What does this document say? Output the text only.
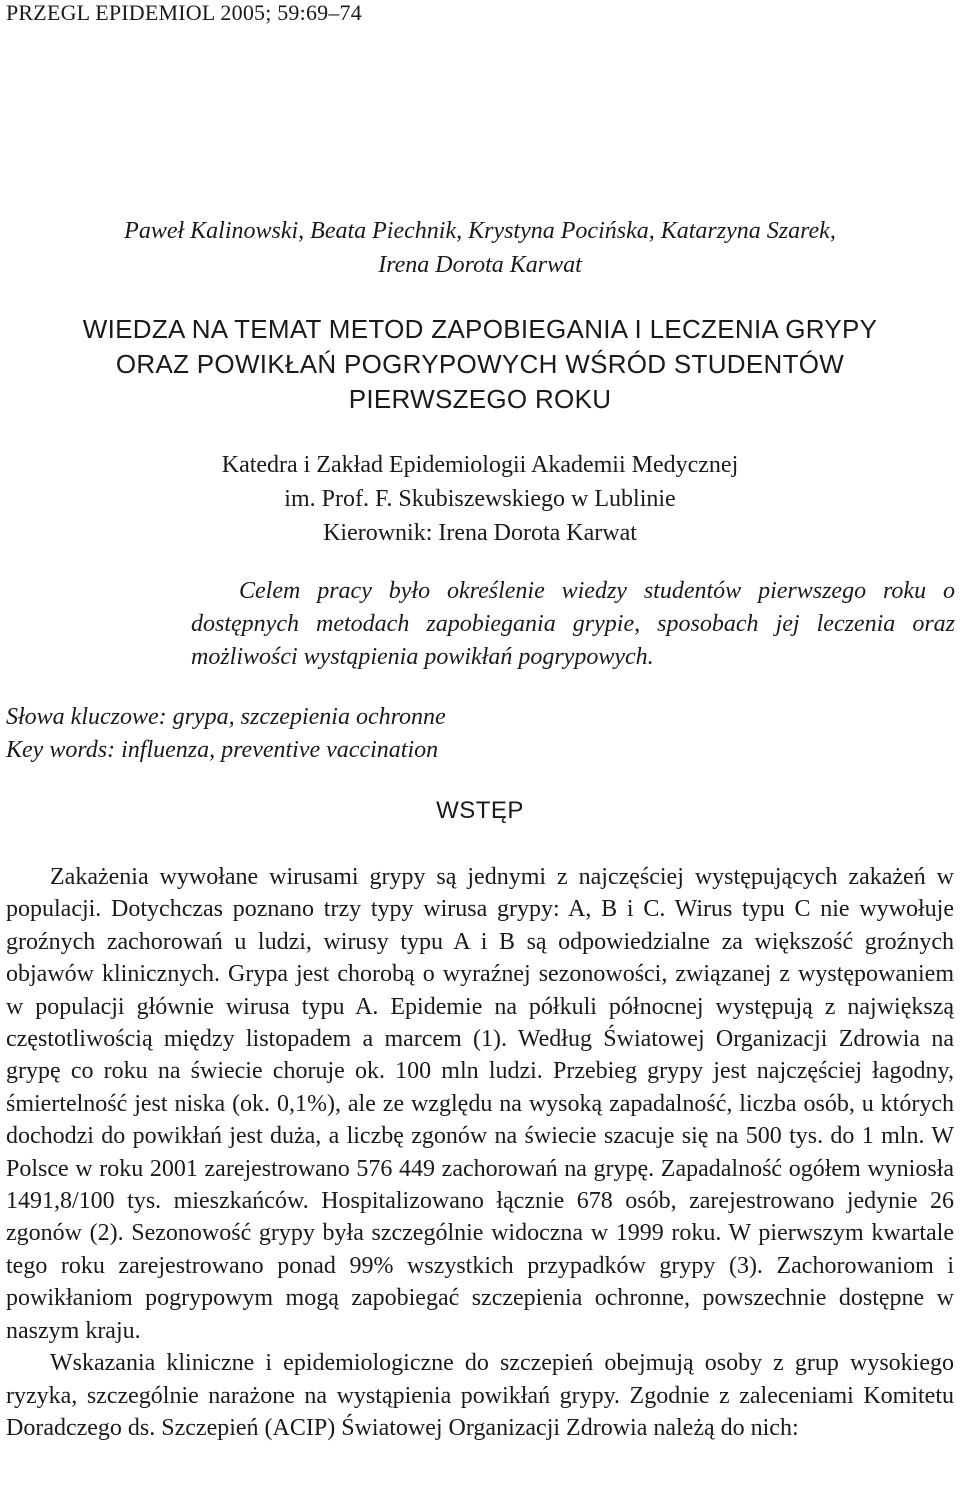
PRZEGL EPIDEMIOL 2005; 59:69–74
Paweł Kalinowski, Beata Piechnik, Krystyna Pocińska, Katarzyna Szarek,
Irena Dorota Karwat
WIEDZA NA TEMAT METOD ZAPOBIEGANIA I LECZENIA GRYPY
ORAZ POWIKŁAŃ POGRYPOWYCH WŚRÓD STUDENTÓW
PIERWSZEGO ROKU
Katedra i Zakład Epidemiologii Akademii Medycznej
im. Prof. F. Skubiszewskiego w Lublinie
Kierownik: Irena Dorota Karwat
Celem pracy było określenie wiedzy studentów pierwszego roku o dostępnych metodach zapobiegania grypie, sposobach jej leczenia oraz możliwości wystąpienia powikłań pogrypowych.
Słowa kluczowe: grypa, szczepienia ochronne
Key words: influenza, preventive vaccination
WSTĘP

Zakażenia wywołane wirusami grypy są jednymi z najczęściej występujących zakażeń w populacji. Dotychczas poznano trzy typy wirusa grypy: A, B i C. Wirus typu C nie wywołuje groźnych zachorowań u ludzi, wirusy typu A i B są odpowiedzialne za większość groźnych objawów klinicznych. Grypa jest chorobą o wyraźnej sezonowości, związanej z występowaniem w populacji głównie wirusa typu A. Epidemie na półkuli północnej występują z największą częstotliwością między listopadem a marcem (1). Według Światowej Organizacji Zdrowia na grypę co roku na świecie choruje ok. 100 mln ludzi. Przebieg grypy jest najczęściej łagodny, śmiertelność jest niska (ok. 0,1%), ale ze względu na wysoką zapadalność, liczba osób, u których dochodzi do powikłań jest duża, a liczbę zgonów na świecie szacuje się na 500 tys. do 1 mln. W Polsce w roku 2001 zarejestrowano 576 449 zachorowań na grypę. Zapadalność ogółem wyniosła 1491,8/100 tys. mieszkańców. Hospitalizowano łącznie 678 osób, zarejestrowano jedynie 26 zgonów (2). Sezonowość grypy była szczególnie widoczna w 1999 roku. W pierwszym kwartale tego roku zarejestrowano ponad 99% wszystkich przypadków grypy (3). Zachorowaniom i powikłaniom pogrypowym mogą zapobiegać szczepienia ochronne, powszechnie dostępne w naszym kraju.

Wskazania kliniczne i epidemiologiczne do szczepień obejmują osoby z grup wysokiego ryzyka, szczególnie narażone na wystąpienia powikłań grypy. Zgodnie z zaleceniami Komitetu Doradczego ds. Szczepień (ACIP) Światowej Organizacji Zdrowia należą do nich:
